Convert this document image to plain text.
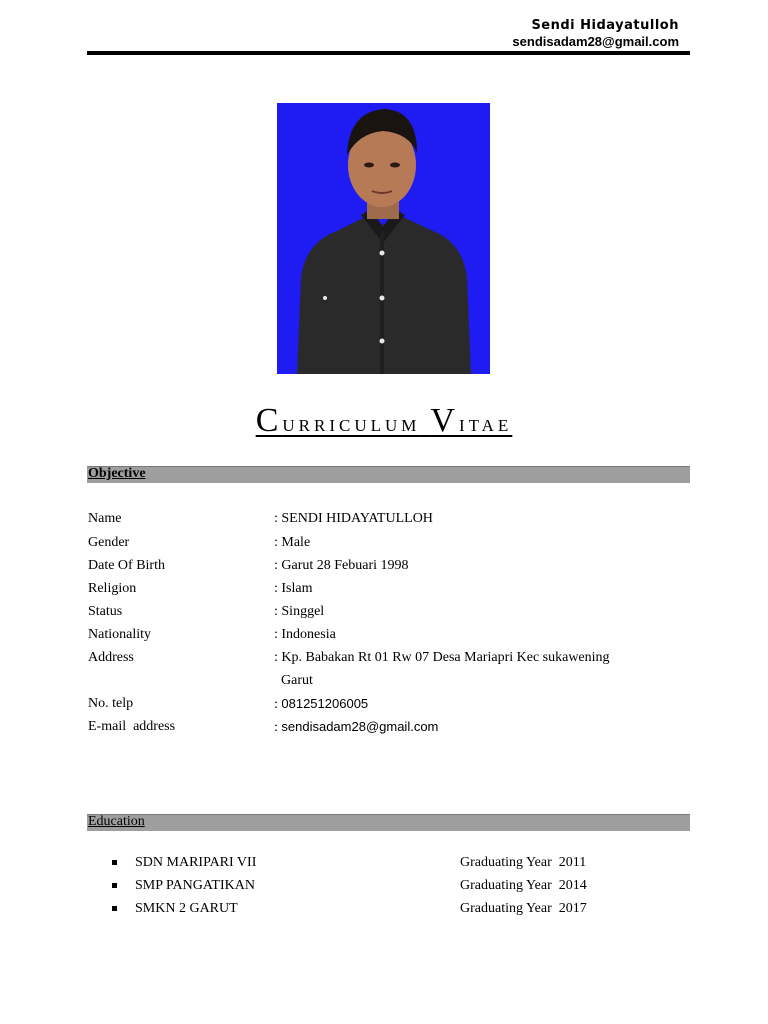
Sendi Hidayatulloh
sendisadam28@gmail.com
Curriculum Vitae
Objective
Name	: SENDI HIDAYATULLOH
Gender	: Male
Date Of Birth	: Garut 28 Febuari 1998
Religion	: Islam
Status	: Singgel
Nationality	: Indonesia
Address	: Kp. Babakan Rt 01 Rw 07 Desa Mariapri Kec sukawening
Garut
No. telp	: 081251206005
E-mail  address	: sendisadam28@gmail.com
Education
SDN MARIPARI VII	Graduating Year  2011
SMP PANGATIKAN	Graduating Year  2014
SMKN 2 GARUT	Graduating Year  2017
